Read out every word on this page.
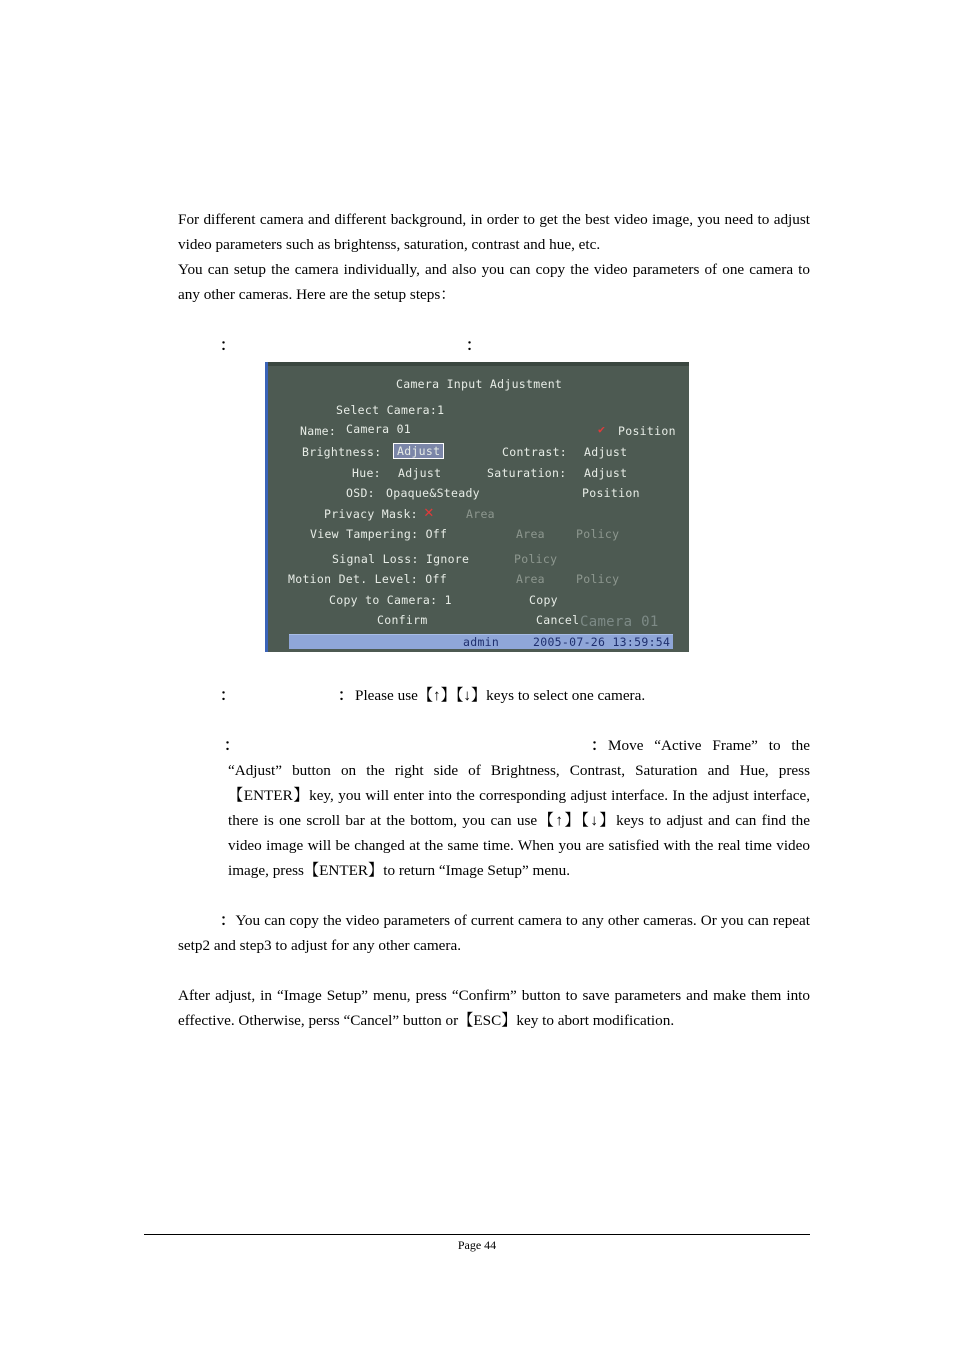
For different camera and different background, in order to get the best video image, you need to adjust video parameters such as brightenss, saturation, contrast and hue, etc.

You can setup the camera individually, and also you can copy the video parameters of one camera to any other cameras. Here are the setup steps：

：	：
Camera Input Adjustment
Select Camera:1
Name: Camera 01	✔ Position
Brightness:	Adjust	Contrast: Adjust
Hue: Adjust	Saturation: Adjust
OSD: Opaque&Steady	Position
Privacy Mask: ✕	Area
View Tampering: Off	Area	Policy
Signal Loss: Ignore	Policy
Motion Det. Level: Off	Area	Policy
Copy to Camera: 1	Copy
Confirm	Cancel Camera 01
admin	2005-07-26 13:59:54
：	： Please use【↑】【↓】keys to select one camera.
：	： Move “Active Frame” to the

“Adjust” button on the right side of Brightness, Contrast, Saturation and Hue, press 【ENTER】key, you will enter into the corresponding adjust interface. In the adjust interface, there is one scroll bar at the bottom, you can use【↑】【↓】keys to adjust and can find the video image will be changed at the same time. When you are satisfied with the real time video image, press【ENTER】to return “Image Setup” menu.

：You can copy the video parameters of current camera to any other cameras. Or you can repeat setp2 and step3 to adjust for any other camera.

After adjust, in “Image Setup” menu, press “Confirm” button to save parameters and make them into effective. Otherwise, perss “Cancel” button or【ESC】key to abort modification.

Page 44
